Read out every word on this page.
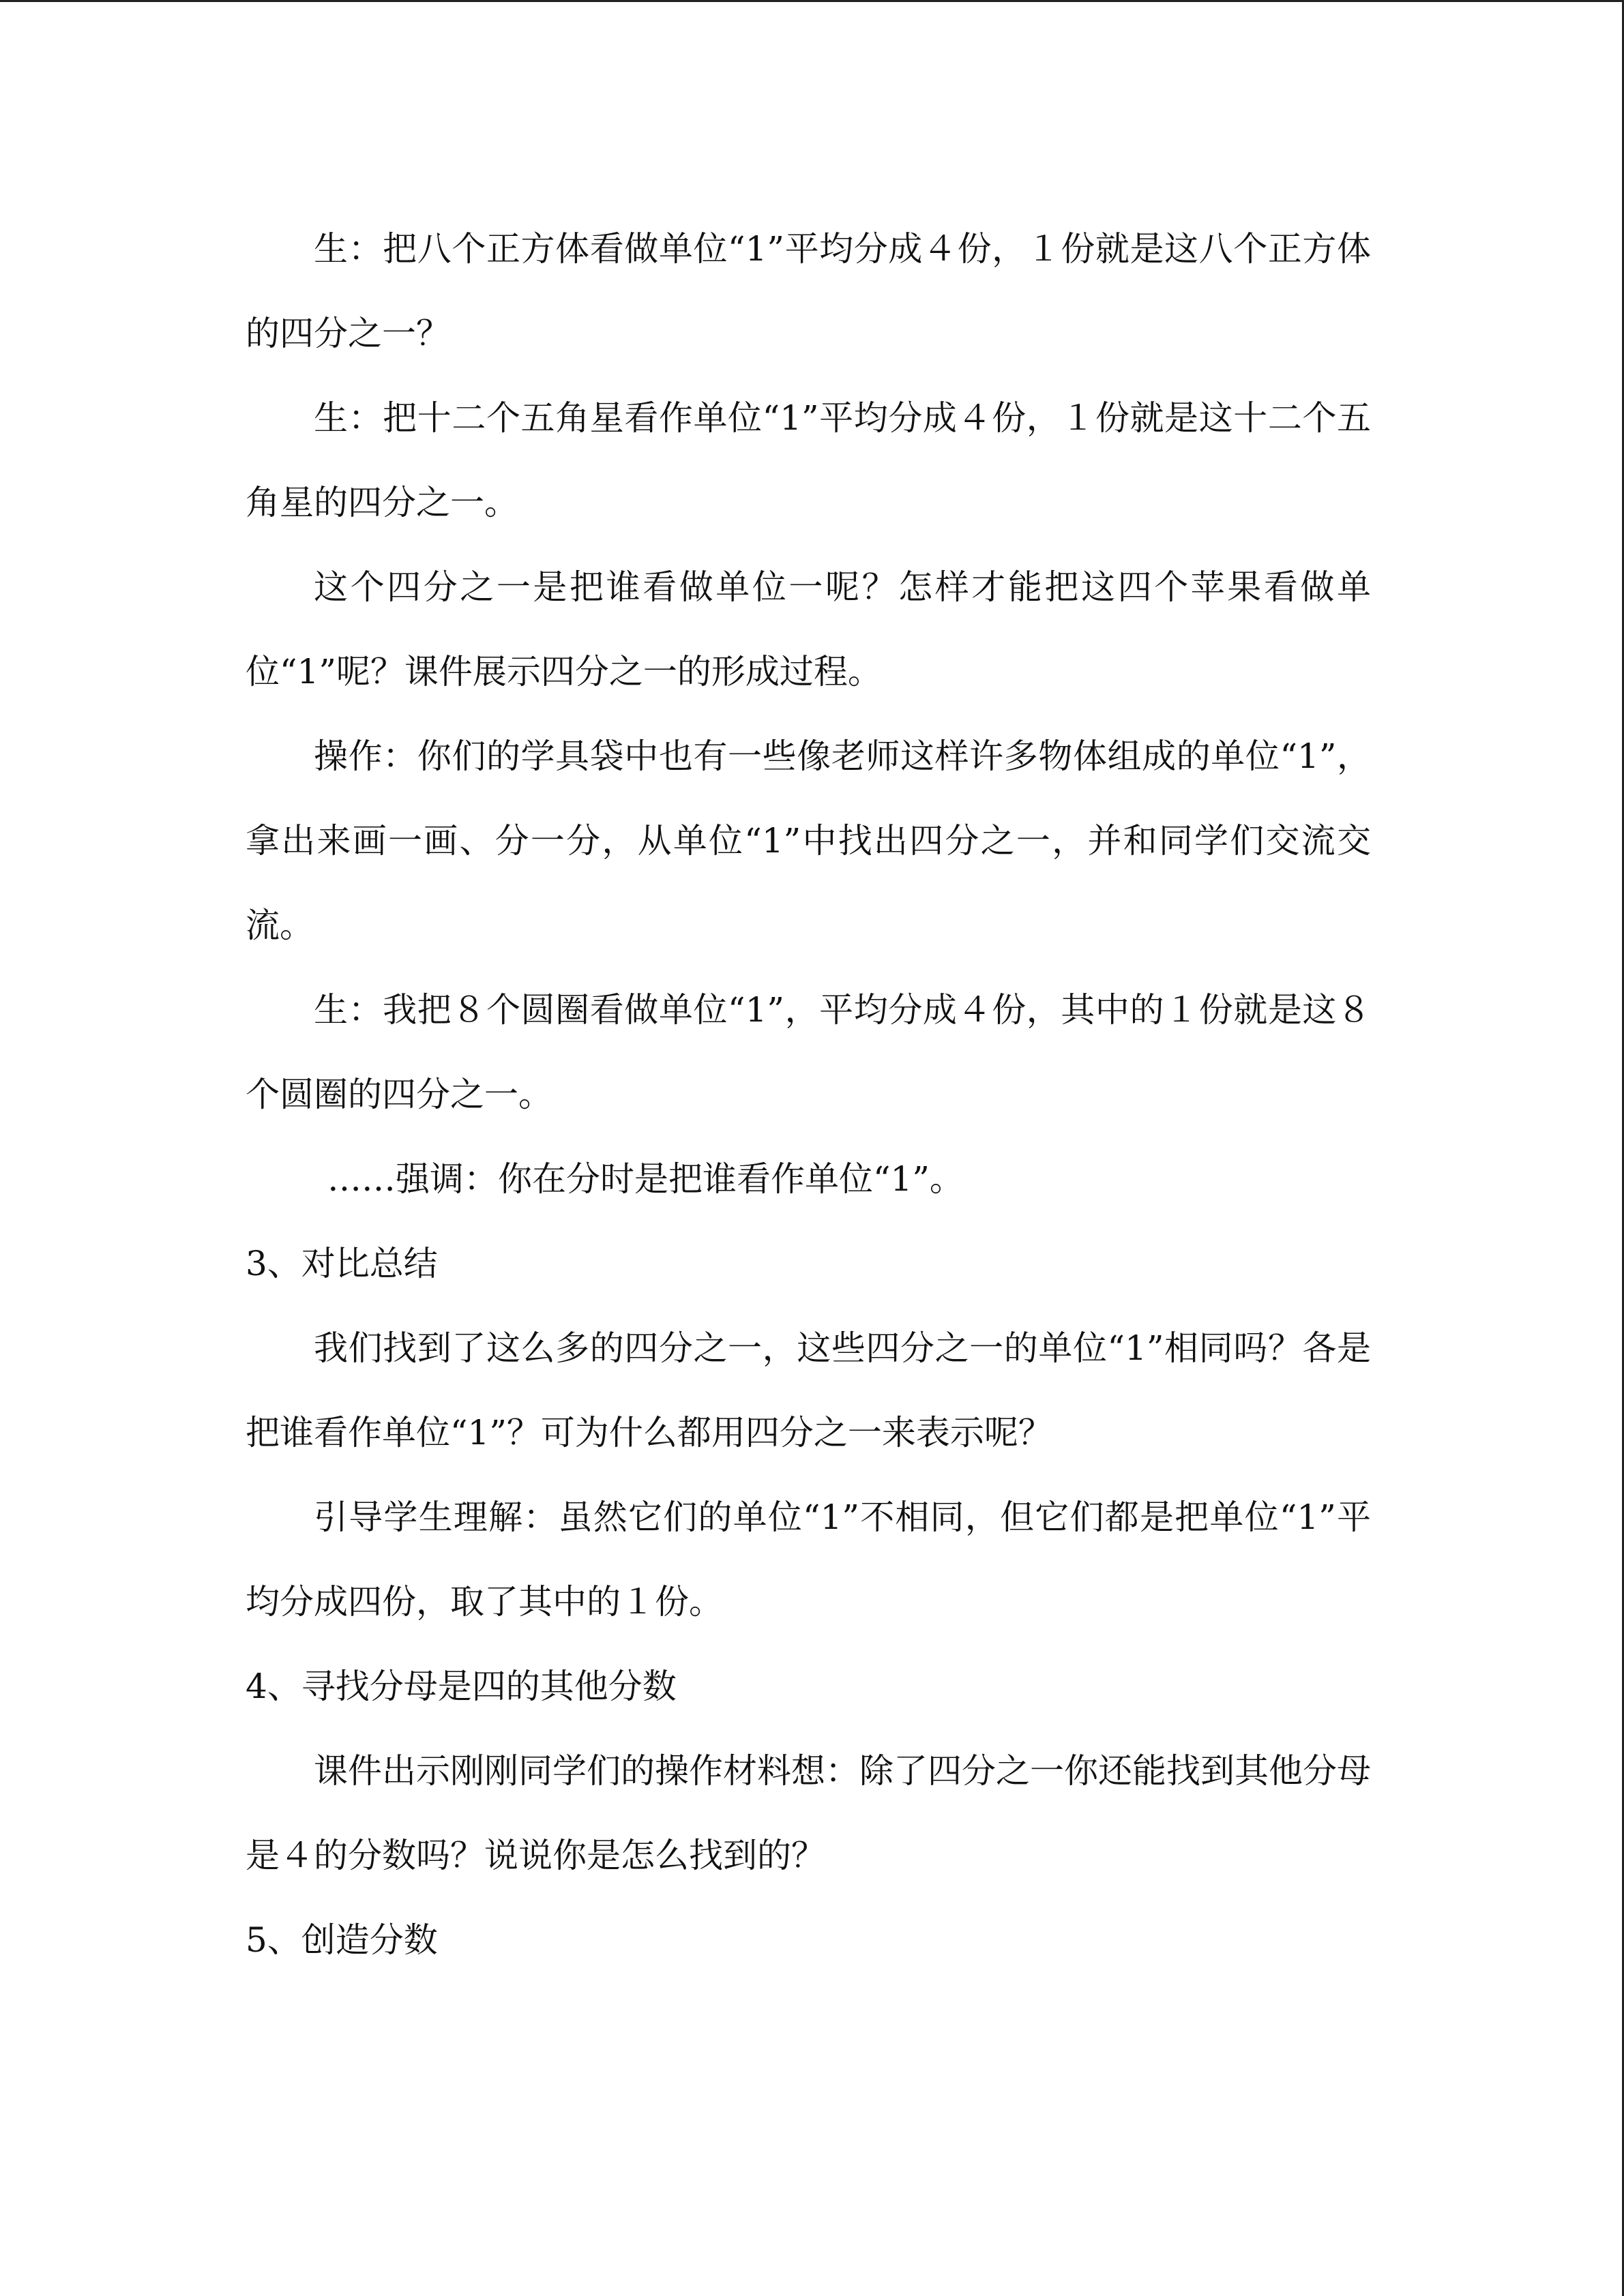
生：把八个正方体看做单位“1”平均分成４份，１份就是这八个正方体的四分之一？

生：把十二个五角星看作单位“1”平均分成４份，１份就是这十二个五角星的四分之一。

这个四分之一是把谁看做单位一呢？怎样才能把这四个苹果看做单位“1”呢？课件展示四分之一的形成过程。

操作：你们的学具袋中也有一些像老师这样许多物体组成的单位“1”，拿出来画一画、分一分，从单位“1”中找出四分之一，并和同学们交流交流。

生：我把８个圆圈看做单位“1”，平均分成４份，其中的１份就是这８个圆圈的四分之一。

……强调：你在分时是把谁看作单位“1”。

3、对比总结

我们找到了这么多的四分之一，这些四分之一的单位“1”相同吗？各是把谁看作单位“1”？可为什么都用四分之一来表示呢？

引导学生理解：虽然它们的单位“1”不相同，但它们都是把单位“1”平均分成四份，取了其中的１份。

4、寻找分母是四的其他分数

课件出示刚刚同学们的操作材料想：除了四分之一你还能找到其他分母是４的分数吗？说说你是怎么找到的？

5、创造分数
